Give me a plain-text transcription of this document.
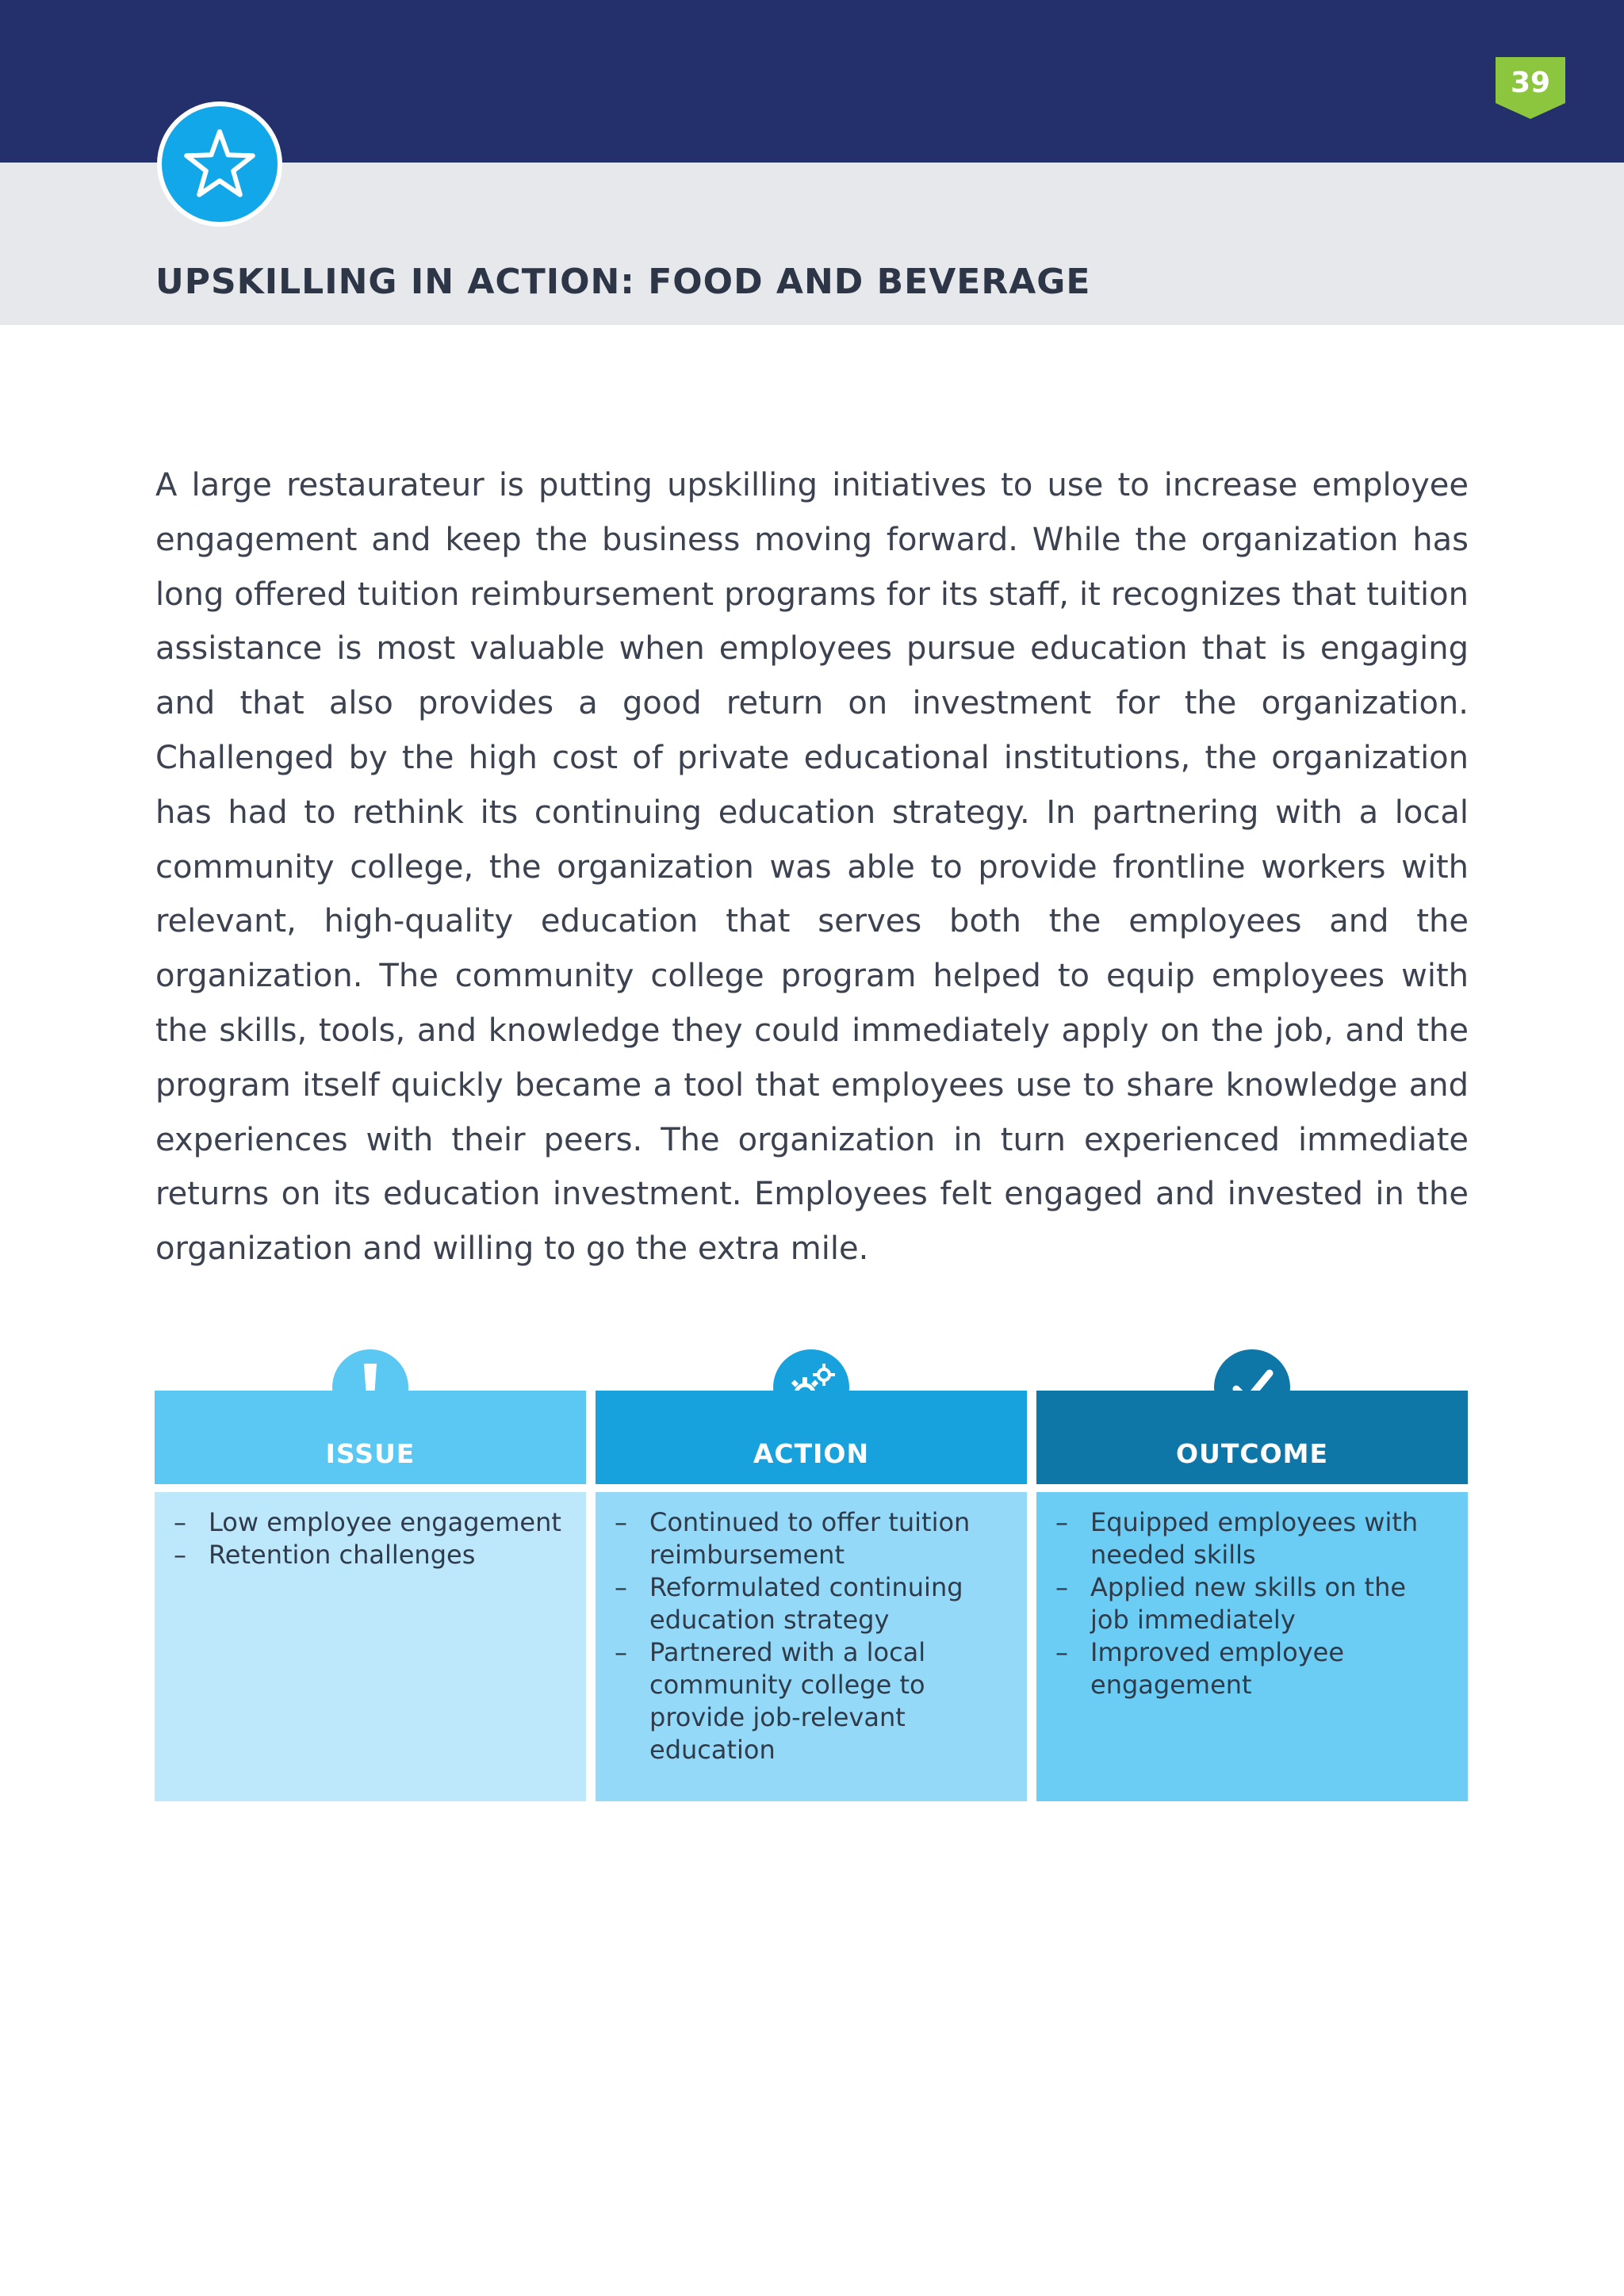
39
UPSKILLING IN ACTION: FOOD AND BEVERAGE

A large restaurateur is putting upskilling initiatives to use to increase employee engagement and keep the business moving forward. While the organization has long offered tuition reimbursement programs for its staff, it recognizes that tuition assistance is most valuable when employees pursue education that is engaging and that also provides a good return on investment for the organization. Challenged by the high cost of private educational institutions, the organization has had to rethink its continuing education strategy. In partnering with a local community college, the organization was able to provide frontline workers with relevant, high-quality education that serves both the employees and the organization. The community college program helped to equip employees with the skills, tools, and knowledge they could immediately apply on the job, and the program itself quickly became a tool that employees use to share knowledge and experiences with their peers. The organization in turn experienced immediate returns on its education investment. Employees felt engaged and invested in the organization and willing to go the extra mile.

ISSUE
– Low employee engagement
– Retention challenges
ACTION
– Continued to offer tuition reimbursement
– Reformulated continuing education strategy
– Partnered with a local community college to provide job-relevant education
OUTCOME
– Equipped employees with needed skills
– Applied new skills on the job immediately
– Improved employee engagement
